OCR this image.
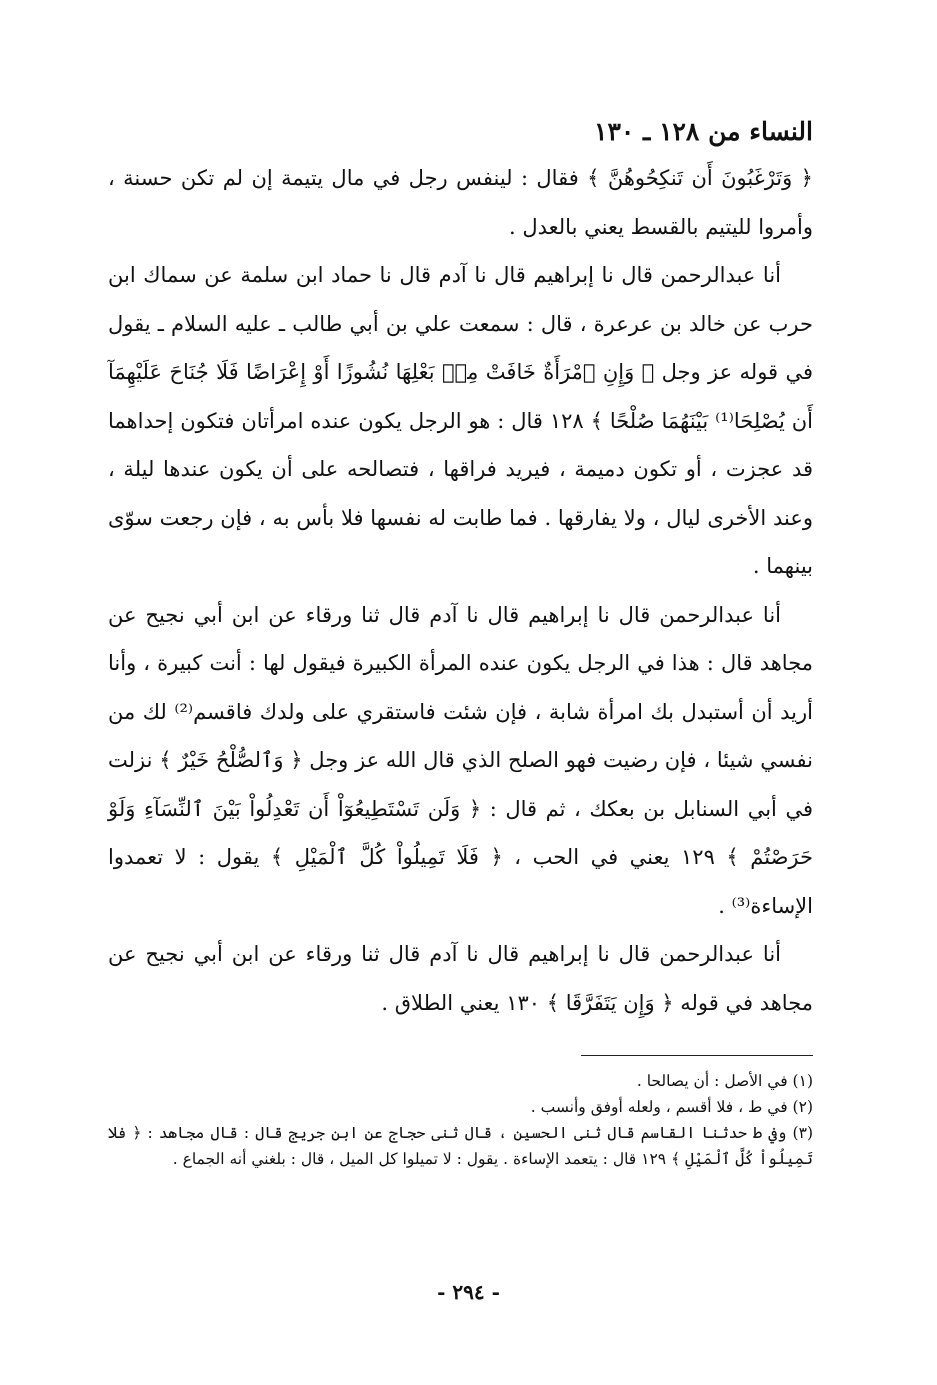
النساء من ١٢٨ ـ ١٣٠

﴿ وَتَرْغَبُونَ أَن تَنكِحُوهُنَّ ﴾ فقال : لينفس رجل في مال يتيمة إن لم تكن حسنة ، وأمروا لليتيم بالقسط يعني بالعدل .

أنا عبدالرحمن قال نا إبراهيم قال نا آدم قال نا حماد ابن سلمة عن سماك ابن حرب عن خالد بن عرعرة ، قال : سمعت علي بن أبي طالب ـ عليه السلام ـ يقول في قوله عز وجل ﴿ وَإِنِ ٱمْرَأَةٌ خَافَتْ مِنۢ بَعْلِهَا نُشُوزًا أَوْ إِعْرَاضًا فَلَا جُنَاحَ عَلَيْهِمَآ أَن يُصْلِحَا⁽¹⁾ بَيْنَهُمَا صُلْحًا ﴾ ١٢٨ قال : هو الرجل يكون عنده امرأتان فتكون إحداهما قد عجزت ، أو تكون دميمة ، فيريد فراقها ، فتصالحه على أن يكون عندها ليلة ، وعند الأخرى ليال ، ولا يفارقها . فما طابت له نفسها فلا بأس به ، فإن رجعت سوّى بينهما .

أنا عبدالرحمن قال نا إبراهيم قال نا آدم قال ثنا ورقاء عن ابن أبي نجيح عن مجاهد قال : هذا في الرجل يكون عنده المرأة الكبيرة فيقول لها : أنت كبيرة ، وأنا أريد أن أستبدل بك امرأة شابة ، فإن شئت فاستقري على ولدك فاقسم⁽²⁾ لك من نفسي شيئا ، فإن رضيت فهو الصلح الذي قال الله عز وجل ﴿ وَٱلصُّلْحُ خَيْرٌ ﴾ نزلت في أبي السنابل بن بعكك ، ثم قال : ﴿ وَلَن تَسْتَطِيعُوٓاْ أَن تَعْدِلُواْ بَيْنَ ٱلنِّسَآءِ وَلَوْ حَرَصْتُمْ ﴾ ١٢٩ يعني في الحب ، ﴿ فَلَا تَمِيلُواْ كُلَّ ٱلْمَيْلِ ﴾ يقول : لا تعمدوا الإساءة⁽³⁾ .

أنا عبدالرحمن قال نا إبراهيم قال نا آدم قال ثنا ورقاء عن ابن أبي نجيح عن مجاهد في قوله ﴿ وَإِن يَتَفَرَّقَا ﴾ ١٣٠ يعني الطلاق .

(١) في الأصل : أن يصالحا .

(٢) في ط ، فلا أقسم ، ولعله أوفق وأنسب .

(٣) وفي ط حدثنا القاسم قال ثنى الحسين ، قال ثنى حجاج عن ابن جريج قال : قال مجاهد : ﴿ فلا تَمِيلُواْ كُلَّ ٱلْمَيْلِ ﴾ ١٢٩ قال : يتعمد الإساءة . يقول : لا تميلوا كل الميل ، قال : بلغني أنه الجماع .

- ٢٩٤ -
